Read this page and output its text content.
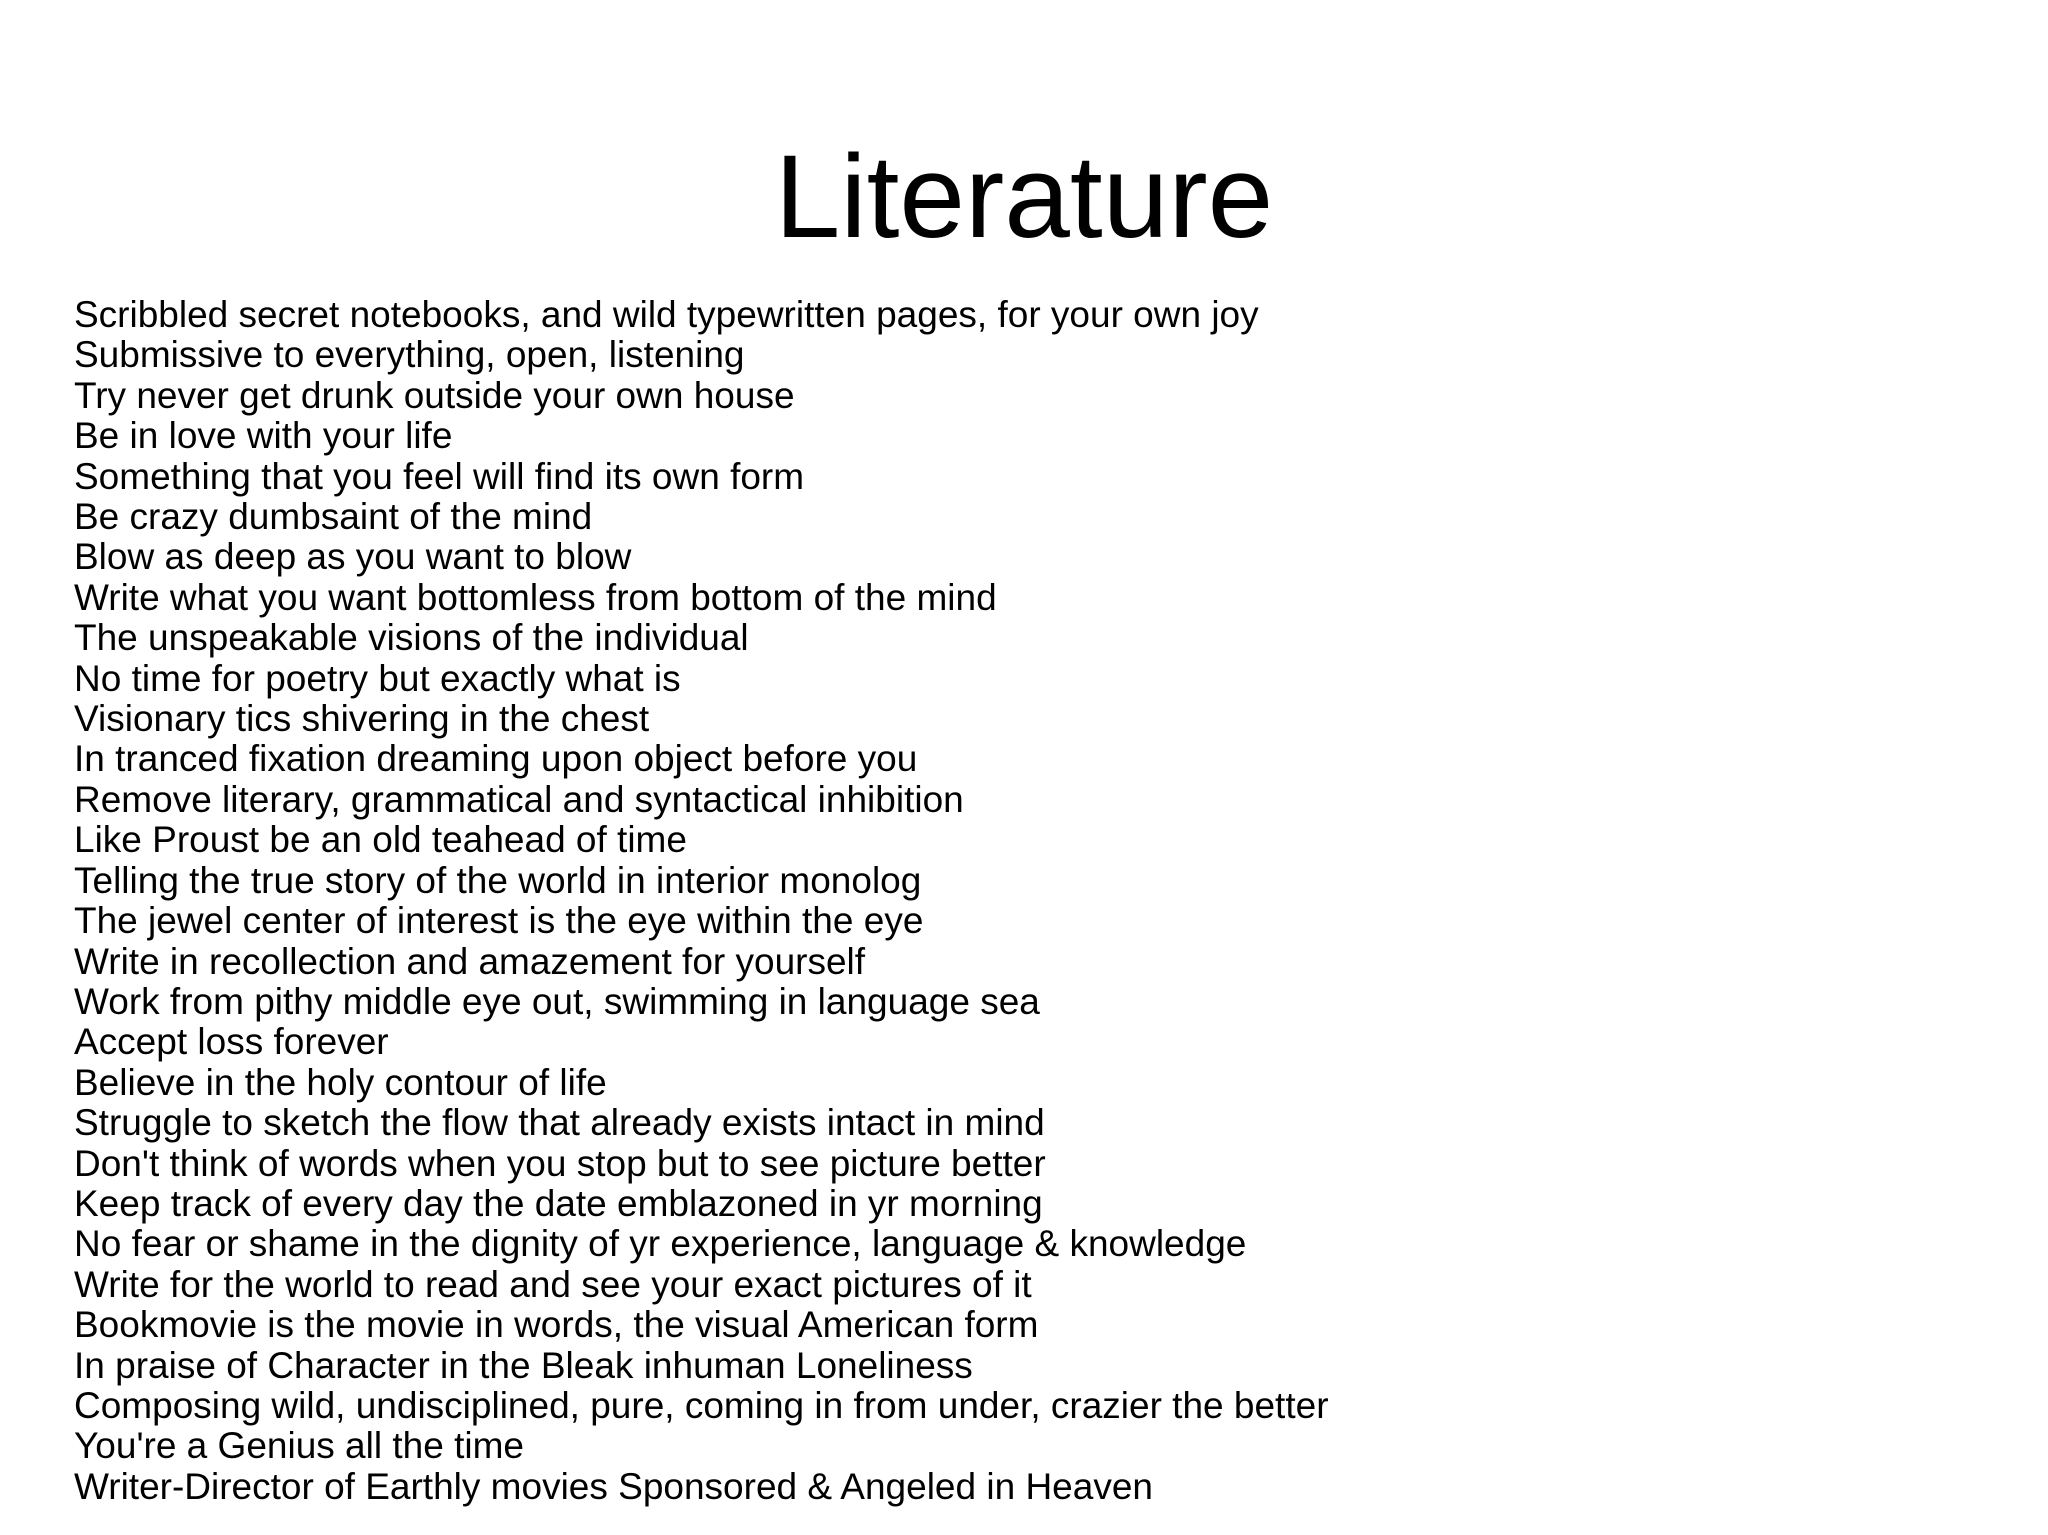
Literature
Scribbled secret notebooks, and wild typewritten pages, for your own joy
Submissive to everything, open, listening
Try never get drunk outside your own house
Be in love with your life
Something that you feel will find its own form
Be crazy dumbsaint of the mind
Blow as deep as you want to blow
Write what you want bottomless from bottom of the mind
The unspeakable visions of the individual
No time for poetry but exactly what is
Visionary tics shivering in the chest
In tranced fixation dreaming upon object before you
Remove literary, grammatical and syntactical inhibition
Like Proust be an old teahead of time
Telling the true story of the world in interior monolog
The jewel center of interest is the eye within the eye
Write in recollection and amazement for yourself
Work from pithy middle eye out, swimming in language sea
Accept loss forever
Believe in the holy contour of life
Struggle to sketch the flow that already exists intact in mind
Don't think of words when you stop but to see picture better
Keep track of every day the date emblazoned in yr morning
No fear or shame in the dignity of yr experience, language & knowledge
Write for the world to read and see your exact pictures of it
Bookmovie is the movie in words, the visual American form
In praise of Character in the Bleak inhuman Loneliness
Composing wild, undisciplined, pure, coming in from under, crazier the better
You're a Genius all the time
Writer-Director of Earthly movies Sponsored & Angeled in Heaven
